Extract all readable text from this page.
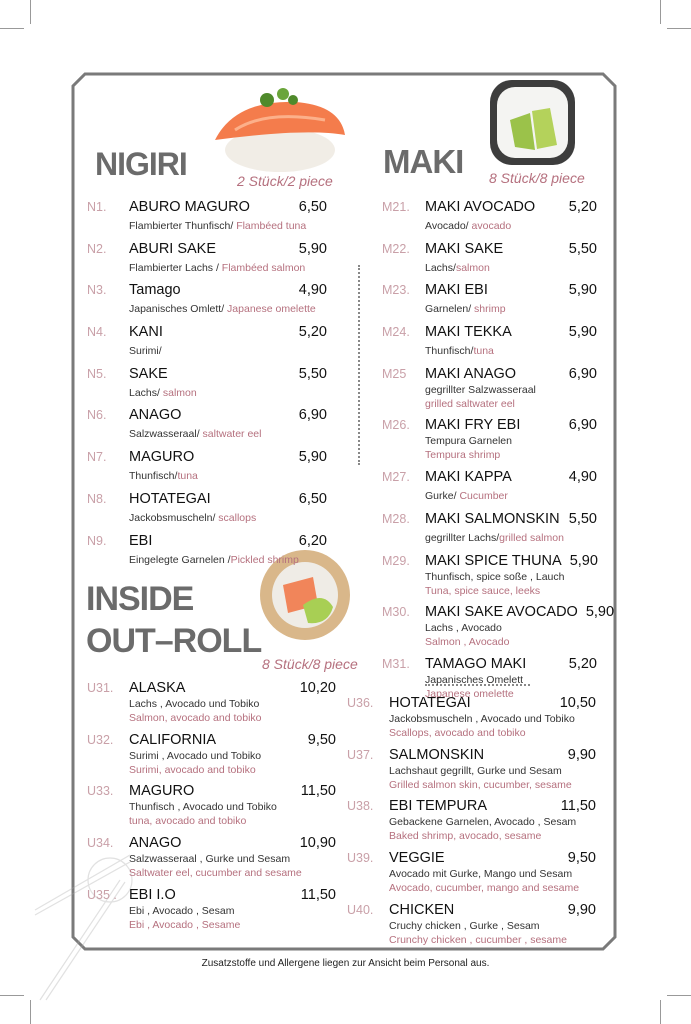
NIGIRI	2 Stück/2 piece
MAKI 8 Stück/8 piece
INSIDE
OUT–ROLL
8 Stück/8 piece
N1.	ABURO MAGURO	6,50
Flambierter Thunfisch/ Flambéed tuna
N2.	ABURI SAKE	5,90
Flambierter Lachs / Flambéed salmon
N3.	Tamago	4,90
Japanisches Omlett/ Japanese omelette
N4.	KANI	5,20
Surimi/
N5.	SAKE	5,50
Lachs/ salmon
N6.	ANAGO	6,90
Salzwasseraal/ saltwater eel
N7.	MAGURO	5,90
Thunfisch/tuna
N8.	HOTATEGAI	6,50
Jackobsmuscheln/ scallops
N9.	EBI	6,20
Eingelegte Garnelen /Pickled shrimp
M21.	MAKI AVOCADO	5,20
Avocado/ avocado
M22.	MAKI SAKE	5,50
Lachs/salmon
M23.	MAKI EBI	5,90
Garnelen/ shrimp
M24.	MAKI TEKKA	5,90
Thunfisch/tuna
M25	MAKI ANAGO	6,90
gegrillter Salzwasseraal
grilled saltwater eel
M26.	MAKI FRY EBI	6,90
Tempura Garnelen
Tempura shrimp
M27.	MAKI KAPPA	4,90
Gurke/ Cucumber
M28.	MAKI SALMONSKIN 5,50
gegrillter Lachs/grilled salmon
M29.	MAKI SPICE THUNA 5,90
Thunfisch, spice soße , Lauch
Tuna, spice sauce, leeks
M30.	MAKI SAKE AVOCADO 5,90
Lachs , Avocado
Salmon , Avocado
M31.	TAMAGO MAKI	5,20
Japanisches Omelett
Japanese omelette
U31.	ALASKA	10,20
Lachs , Avocado und Tobiko
Salmon, avocado and tobiko
U32.	CALIFORNIA	9,50
Surimi , Avocado und Tobiko
Surimi, avocado and tobiko
U33.	MAGURO	11,50
Thunfisch , Avocado und Tobiko
tuna, avocado and tobiko
U34.	ANAGO	10,90
Salzwasseraal , Gurke und Sesam
Saltwater eel, cucumber and sesame
U35 . EBI I.O	11,50
Ebi , Avocado , Sesam
Ebi , Avocado , Sesame
U36.	HOTATEGAI	10,50
Jackobsmuscheln , Avocado und Tobiko
Scallops, avocado and tobiko
U37.	SALMONSKIN	9,90
Lachshaut gegrillt, Gurke und Sesam
Grilled salmon skin, cucumber, sesame
U38.	EBI TEMPURA	11,50
Gebackene Garnelen, Avocado , Sesam
Baked shrimp, avocado, sesame
U39.	VEGGIE	9,50
Avocado mit Gurke, Mango und Sesam
Avocado, cucumber, mango and sesame
U40.	CHICKEN	9,90
Cruchy chicken , Gurke , Sesam
Crunchy chicken , cucumber , sesame
Zusatzstoffe und Allergene liegen zur Ansicht beim Personal aus.
